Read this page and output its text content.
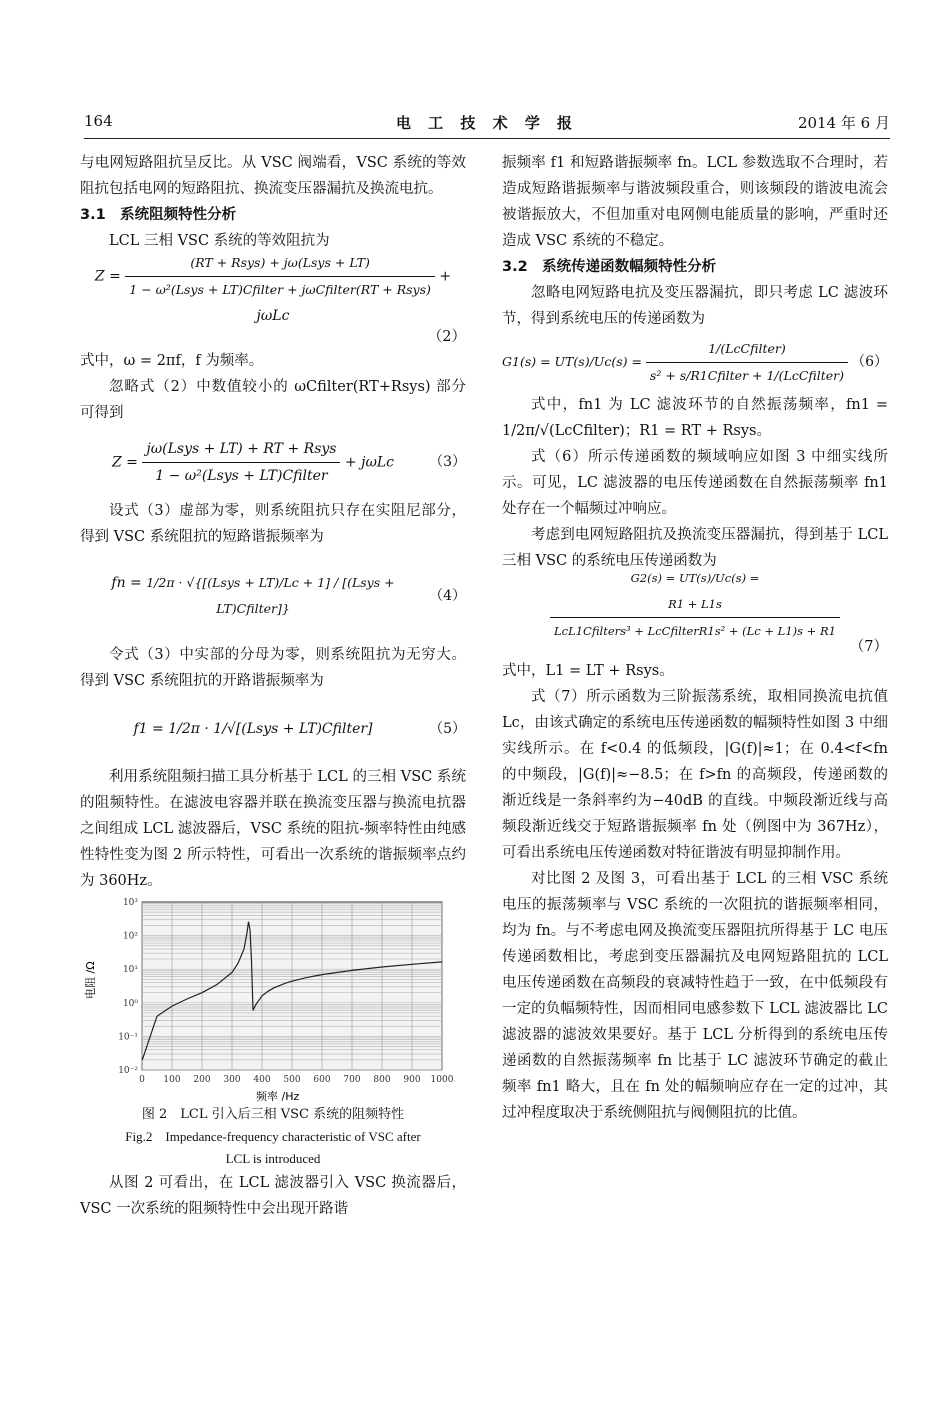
164	电 工 技 术 学 报	2014 年 6 月

与电网短路阻抗呈反比。从 VSC 阀端看，VSC 系统的等效阻抗包括电网的短路阻抗、换流变压器漏抗及换流电抗。

3.1　系统阻频特性分析

LCL 三相 VSC 系统的等效阻抗为

$Z = \frac{\text{(RT + Rsys) + jω(Lsys + LT)}}{\text{1 − ω²(Lsys + LT)Cfilter + jωCfilter(RT + Rsys)}} + j\omega Lc$
（2）

式中，ω = 2πf，f 为频率。

忽略式（2）中数值较小的 ωCfilter(RT+Rsys) 部分可得到

$Z = \frac{\text{jω(Lsys + LT) + RT + Rsys}}{\text{1 − ω²(Lsys + LT)Cfilter}} + j\omega Lc$	（3）

设式（3）虚部为零，则系统阻抗只存在实阻尼部分，得到 VSC 系统阻抗的短路谐振频率为

fn = 1/2π · √{[(Lsys + LT)/Lc + 1] / [(Lsys + LT)Cfilter]}
（4）

令式（3）中实部的分母为零，则系统阻抗为无穷大。得到 VSC 系统阻抗的开路谐振频率为

f1 = 1/2π · 1/√[(Lsys + LT)Cfilter]	（5）

利用系统阻频扫描工具分析基于 LCL 的三相 VSC 系统的阻频特性。在滤波电容器并联在换流变压器与换流电抗器之间组成 LCL 滤波器后，VSC 系统的阻抗-频率特性由纯感性特性变为图 2 所示特性，可看出一次系统的谐振频率点约为 360Hz。

电阻 /Ω
频率 /Hz
0 100 200 300 400 500 600 700 800 900 1000
10⁻²
10⁻¹
10⁰
10¹
10²
10³
图 2　LCL 引入后三相 VSC 系统的阻频特性
Fig.2　Impedance-frequency characteristic of VSC after
LCL is introduced

从图 2 可看出，在 LCL 滤波器引入 VSC 换流器后，VSC 一次系统的阻频特性中会出现开路谐

振频率 f1 和短路谐振频率 fn。LCL 参数选取不合理时，若造成短路谐振频率与谐波频段重合，则该频段的谐波电流会被谐振放大，不但加重对电网侧电能质量的影响，严重时还造成 VSC 系统的不稳定。

3.2　系统传递函数幅频特性分析

忽略电网短路电抗及变压器漏抗，即只考虑 LC 滤波环节，得到系统电压的传递函数为

$G1(s) = UT(s)/Uc(s) = \frac{\text{1/(LcCfilter)}}{\text{s² + s/R1Cfilter + 1/(LcCfilter)}} (6)$

式中，fn1 为 LC 滤波环节的自然振荡频率，fn1 = 1/2π/√(LcCfilter)；R1 = RT + Rsys。

式（6）所示传递函数的频域响应如图 3 中细实线所示。可见，LC 滤波器的电压传递函数在自然振荡频率 fn1 处存在一个幅频过冲响应。

考虑到电网短路阻抗及换流变压器漏抗，得到基于 LCL 三相 VSC 的系统电压传递函数为

G2(s) = UT(s)/Uc(s) =
$\frac{R1 + L1s}{\text{LcL1Cfilters³ + LcCfilterR1s² + (Lc + L1)s + R1}}$
（7）

式中，L1 = LT + Rsys。

式（7）所示函数为三阶振荡系统，取相同换流电抗值 Lc，由该式确定的系统电压传递函数的幅频特性如图 3 中细实线所示。在 f<0.4 的低频段，|G(f)|≈1；在 0.4<f<fn 的中频段，|G(f)|≈−8.5；在 f>fn 的高频段，传递函数的渐近线是一条斜率约为−40dB 的直线。中频段渐近线与高频段渐近线交于短路谐振频率 fn 处（例图中为 367Hz），可看出系统电压传递函数对特征谐波有明显抑制作用。

对比图 2 及图 3，可看出基于 LCL 的三相 VSC 系统电压的振荡频率与 VSC 系统的一次阻抗的谐振频率相同，均为 fn。与不考虑电网及换流变压器阻抗所得基于 LC 电压传递函数相比，考虑到变压器漏抗及电网短路阻抗的 LCL 电压传递函数在高频段的衰减特性趋于一致，在中低频段有一定的负幅频特性，因而相同电感参数下 LCL 滤波器比 LC 滤波器的滤波效果要好。基于 LCL 分析得到的系统电压传递函数的自然振荡频率 fn 比基于 LC 滤波环节确定的截止频率 fn1 略大，且在 fn 处的幅频响应存在一定的过冲，其过冲程度取决于系统侧阻抗与阀侧阻抗的比值。
